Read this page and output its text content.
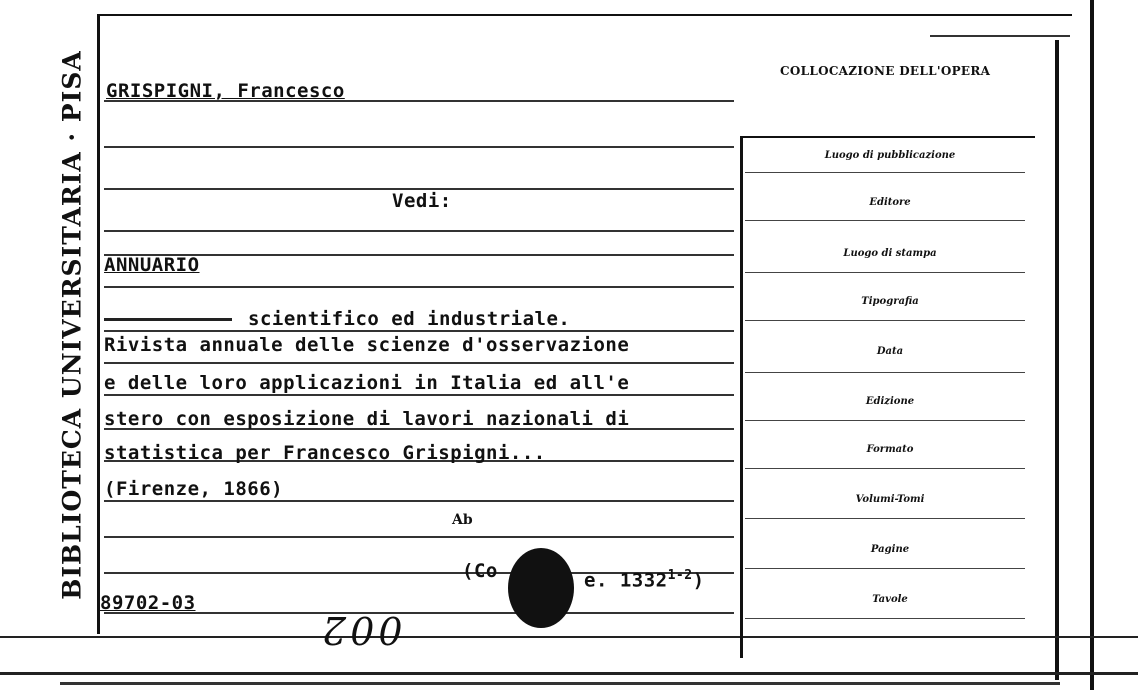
BIBLIOTECA UNIVERSITARIA · PISA GRISPIGNI, Francesco
Vedi:
ANNUARIO
scientifico ed industriale.
Rivista annuale delle scienze d'osservazione
e delle loro applicazioni in Italia ed all'e
stero con esposizione di lavori nazionali di
statistica per Francesco Grispigni...
(Firenze, 1866)
Ab
(Co	e. 1332$^{1-2}$)
89702-03
002
COLLOCAZIONE DELL'OPERA
Luogo di pubblicazione
Editore
Luogo di stampa
Tipografia
Data
Edizione
Formato
Volumi-Tomi
Pagine
Tavole
